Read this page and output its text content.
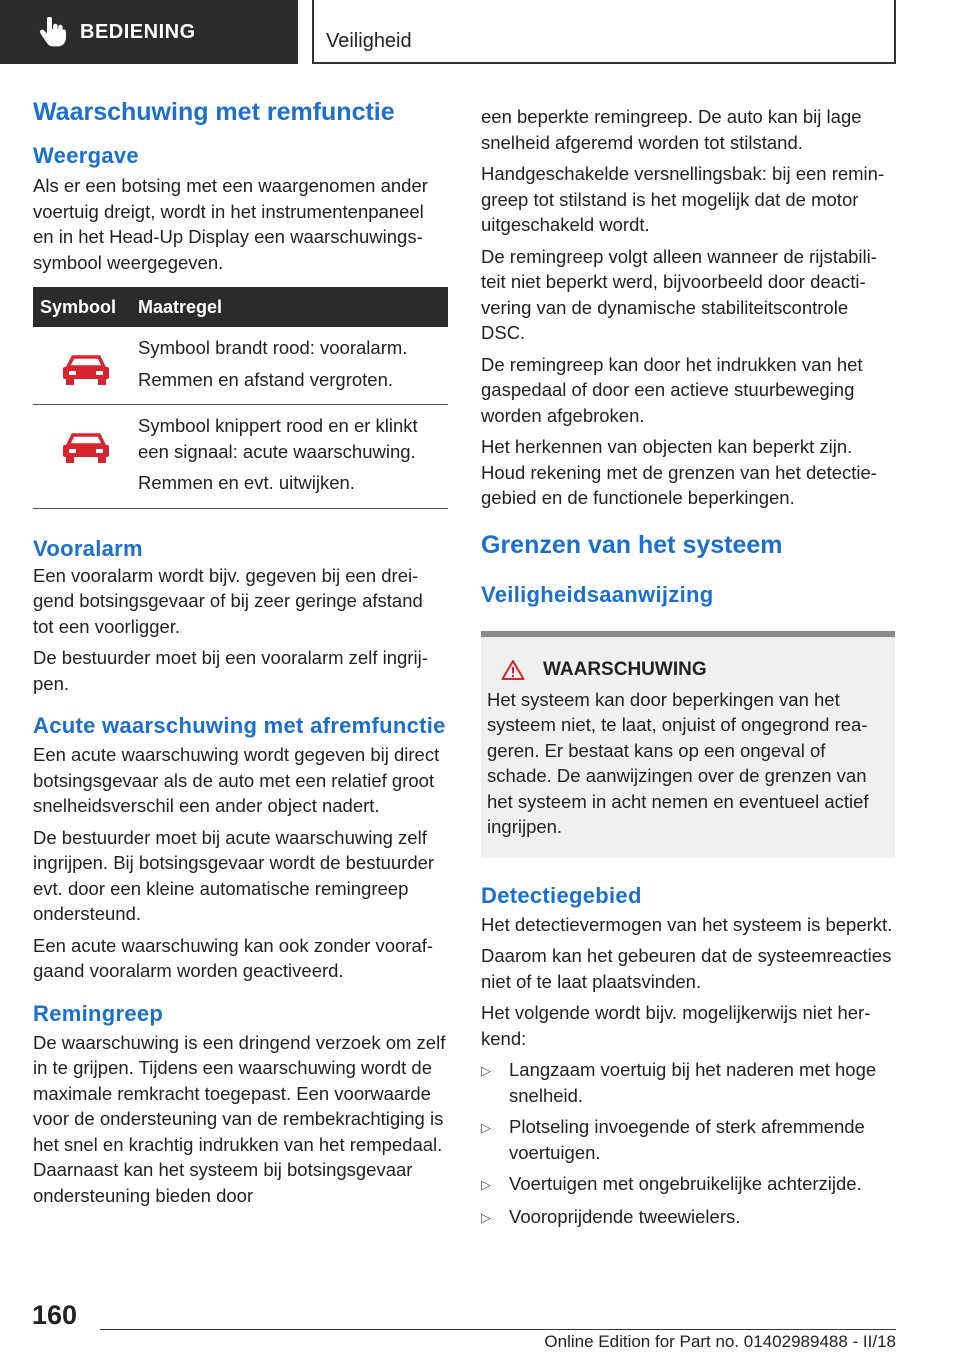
BEDIENING	Veiligheid
Waarschuwing met remfunctie
Weergave

Als er een botsing met een waargenomen ander voertuig dreigt, wordt in het instrumentenpaneel en in het Head-Up Display een waarschuwingssymbool weergegeven.

Symbool	Maatregel

Symbool brandt rood: vooralarm.

Remmen en afstand vergroten.

Symbool knippert rood en er klinkt een signaal: acute waarschuwing.

Remmen en evt. uitwijken.

Vooralarm

Een vooralarm wordt bijv. gegeven bij een dreigend botsingsgevaar of bij zeer geringe afstand tot een voorligger.

De bestuurder moet bij een vooralarm zelf ingrijpen.

Acute waarschuwing met afremfunctie

Een acute waarschuwing wordt gegeven bij direct botsingsgevaar als de auto met een relatief groot snelheidsverschil een ander object nadert.

De bestuurder moet bij acute waarschuwing zelf ingrijpen. Bij botsingsgevaar wordt de bestuurder evt. door een kleine automatische remingreep ondersteund.

Een acute waarschuwing kan ook zonder voorafgaand vooralarm worden geactiveerd.

Remingreep

De waarschuwing is een dringend verzoek om zelf in te grijpen. Tijdens een waarschuwing wordt de maximale remkracht toegepast. Een voorwaarde voor de ondersteuning van de rembekrachtiging is het snel en krachtig indrukken van het rempedaal. Daarnaast kan het systeem bij botsingsgevaar ondersteuning bieden door

een beperkte remingreep. De auto kan bij lage snelheid afgeremd worden tot stilstand.

Handgeschakelde versnellingsbak: bij een remingreep tot stilstand is het mogelijk dat de motor uitgeschakeld wordt.

De remingreep volgt alleen wanneer de rijstabiliteit niet beperkt werd, bijvoorbeeld door deactivering van de dynamische stabiliteitscontrole DSC.

De remingreep kan door het indrukken van het gaspedaal of door een actieve stuurbeweging worden afgebroken.

Het herkennen van objecten kan beperkt zijn. Houd rekening met de grenzen van het detectiegebied en de functionele beperkingen.

Grenzen van het systeem
Veiligheidsaanwijzing
WAARSCHUWING

Het systeem kan door beperkingen van het systeem niet, te laat, onjuist of ongegrond reageren. Er bestaat kans op een ongeval of schade. De aanwijzingen over de grenzen van het systeem in acht nemen en eventueel actief ingrijpen.

Detectiegebied

Het detectievermogen van het systeem is beperkt.

Daarom kan het gebeuren dat de systeemreacties niet of te laat plaatsvinden.

Het volgende wordt bijv. mogelijkerwijs niet herkend:

▷ Langzaam voertuig bij het naderen met hoge snelheid.
▷ Plotseling invoegende of sterk afremmende voertuigen.
▷ Voertuigen met ongebruikelijke achterzijde.
▷ Vooroprijdende tweewielers.
160
Online Edition for Part no. 01402989488 - II/18
